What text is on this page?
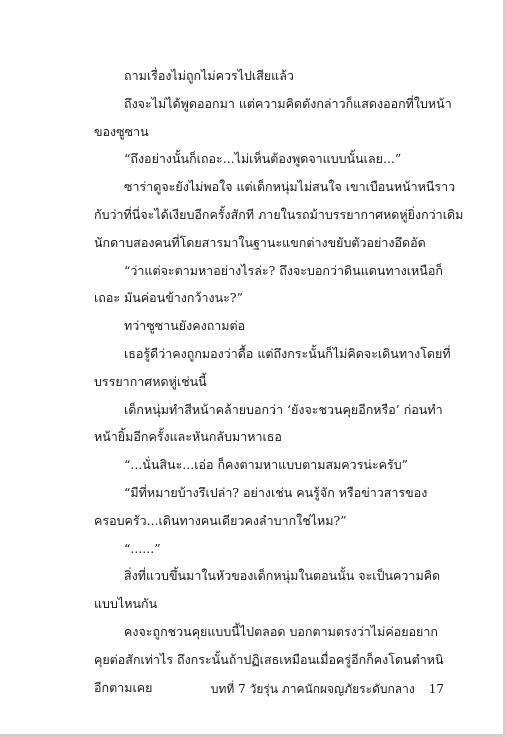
ถามเรื่องไม่ถูกไม่ควรไปเสียแล้ว
ถึงจะไม่ได้พูดออกมา แต่ความคิดดังกล่าวก็แสดงออกที่ใบหน้า
ของซูซาน
“ถึงอย่างนั้นก็เถอะ...ไม่เห็นต้องพูดจาแบบนั้นเลย...”
ซาร่าดูจะยังไม่พอใจ แต่เด็กหนุ่มไม่สนใจ เขาเบือนหน้าหนีราว
กับว่าที่นี่จะได้เงียบอีกครั้งสักที ภายในรถม้าบรรยากาศหดหู่ยิ่งกว่าเดิม
นักดาบสองคนที่โดยสารมาในฐานะแขกต่างขยับตัวอย่างอึดอัด
“ว่าแต่จะตามหาอย่างไรล่ะ? ถึงจะบอกว่าดินแดนทางเหนือก็
เถอะ มันค่อนข้างกว้างนะ?”
ทว่าซูซานยังคงถามต่อ
เธอรู้ดีว่าคงถูกมองว่าดื้อ แต่ถึงกระนั้นก็ไม่คิดจะเดินทางโดยที่
บรรยากาศหดหู่เช่นนี้
เด็กหนุ่มทำสีหน้าคล้ายบอกว่า ‘ยังจะชวนคุยอีกหรือ’ ก่อนทำ
หน้ายิ้มอีกครั้งและหันกลับมาหาเธอ
“...นั่นสินะ...เอ่อ ก็คงตามหาแบบตามสมควรน่ะครับ”
“มีที่หมายบ้างรึเปล่า? อย่างเช่น คนรู้จัก หรือข่าวสารของ
ครอบครัว...เดินทางคนเดียวคงลำบากใช่ไหม?”
“......”
สิ่งที่แวบขึ้นมาในหัวของเด็กหนุ่มในตอนนั้น จะเป็นความคิด
แบบไหนกัน
คงจะถูกชวนคุยแบบนี้ไปตลอด บอกตามตรงว่าไม่ค่อยอยาก
คุยต่อสักเท่าไร ถึงกระนั้นถ้าปฏิเสธเหมือนเมื่อครู่อีกก็คงโดนตำหนิ
อีกตามเคย	บทที่ 7 วัยรุ่น ภาคนักผจญภัยระดับกลาง 17
